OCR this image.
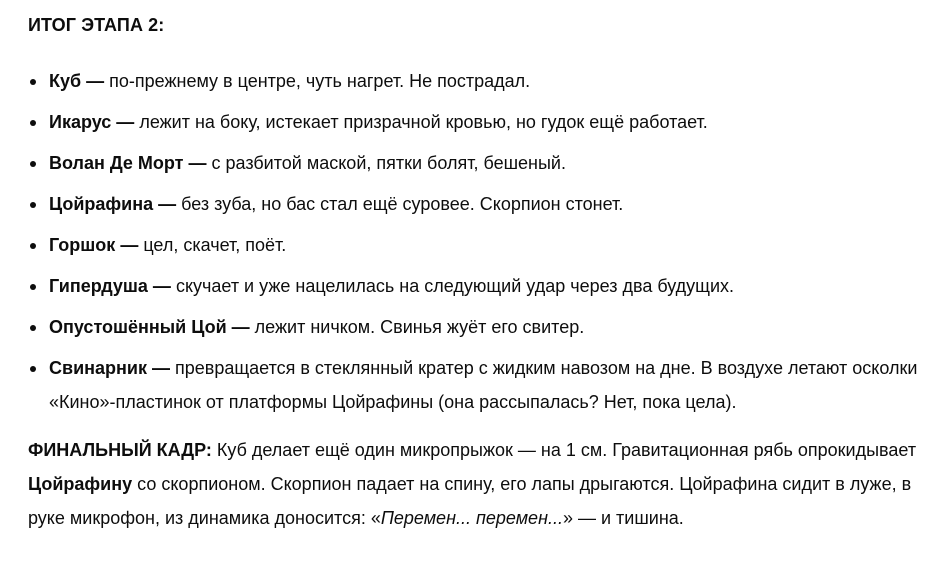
ИТОГ ЭТАПА 2:
Куб — по-прежнему в центре, чуть нагрет. Не пострадал.
Икарус — лежит на боку, истекает призрачной кровью, но гудок ещё работает.
Волан Де Морт — с разбитой маской, пятки болят, бешеный.
Цойрафина — без зуба, но бас стал ещё суровее. Скорпион стонет.
Горшок — цел, скачет, поёт.
Гипердуша — скучает и уже нацелилась на следующий удар через два будущих.
Опустошённый Цой — лежит ничком. Свинья жуёт его свитер.
Свинарник — превращается в стеклянный кратер с жидким навозом на дне. В воздухе летают осколки «Кино»-пластинок от платформы Цойрафины (она рассыпалась? Нет, пока цела).

ФИНАЛЬНЫЙ КАДР: Куб делает ещё один микропрыжок — на 1 см. Гравитационная рябь опрокидывает Цойрафину со скорпионом. Скорпион падает на спину, его лапы дрыгаются. Цойрафина сидит в луже, в руке микрофон, из динамика доносится: «Перемен... перемен...» — и тишина.
